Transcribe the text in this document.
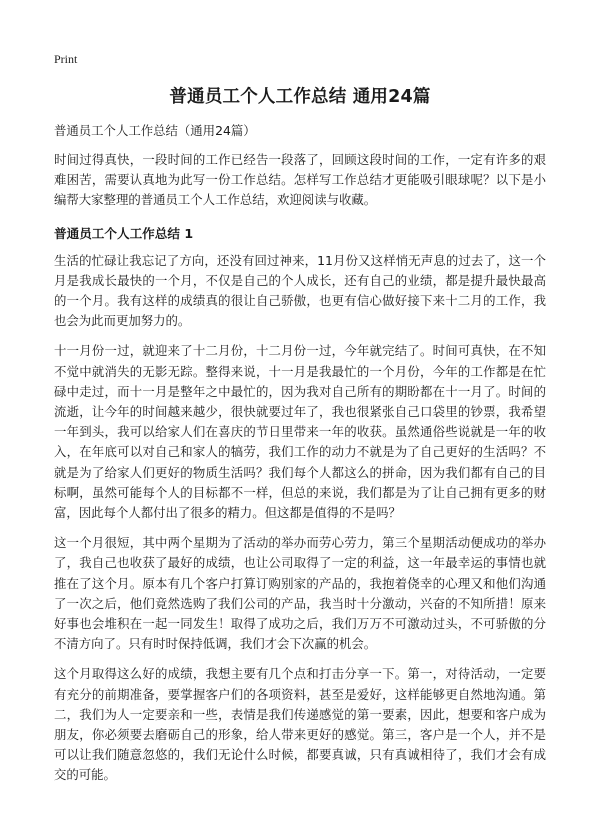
Print
普通员工个人工作总结 通用24篇

普通员工个人工作总结（通用24篇）

时间过得真快，一段时间的工作已经告一段落了，回顾这段时间的工作，一定有许多的艰难困苦，需要认真地为此写一份工作总结。怎样写工作总结才更能吸引眼球呢？以下是小编帮大家整理的普通员工个人工作总结，欢迎阅读与收藏。

普通员工个人工作总结 1

生活的忙碌让我忘记了方向，还没有回过神来，11月份又这样悄无声息的过去了，这一个月是我成长最快的一个月，不仅是自己的个人成长，还有自己的业绩，都是提升最快最高的一个月。我有这样的成绩真的很让自己骄傲，也更有信心做好接下来十二月的工作，我也会为此而更加努力的。

十一月份一过，就迎来了十二月份，十二月份一过，今年就完结了。时间可真快，在不知不觉中就消失的无影无踪。整得来说，十一月是我最忙的一个月份，今年的工作都是在忙碌中走过，而十一月是整年之中最忙的，因为我对自己所有的期盼都在十一月了。时间的流逝，让今年的时间越来越少，很快就要过年了，我也很紧张自己口袋里的钞票，我希望一年到头，我可以给家人们在喜庆的节日里带来一年的收获。虽然通俗些说就是一年的收入，在年底可以对自己和家人的犒劳，我们工作的动力不就是为了自己更好的生活吗？不就是为了给家人们更好的物质生活吗？我们每个人都这么的拼命，因为我们都有自己的目标啊，虽然可能每个人的目标都不一样，但总的来说，我们都是为了让自己拥有更多的财富，因此每个人都付出了很多的精力。但这都是值得的不是吗？

这一个月很短，其中两个星期为了活动的举办而劳心劳力，第三个星期活动便成功的举办了，我自己也收获了最好的成绩，也让公司取得了一定的利益，这一年最幸运的事情也就推在了这个月。原本有几个客户打算订购别家的产品的，我抱着侥幸的心理又和他们沟通了一次之后，他们竟然选购了我们公司的产品，我当时十分激动，兴奋的不知所措！原来好事也会堆积在一起一同发生！取得了成功之后，我们万万不可激动过头，不可骄傲的分不清方向了。只有时时保持低调，我们才会下次赢的机会。

这个月取得这么好的成绩，我想主要有几个点和打击分享一下。第一，对待活动，一定要有充分的前期准备，要掌握客户们的各项资料，甚至是爱好，这样能够更自然地沟通。第二，我们为人一定要亲和一些，表情是我们传递感觉的第一要素，因此，想要和客户成为朋友，你必须要去磨砺自己的形象，给人带来更好的感觉。第三，客户是一个人，并不是可以让我们随意忽悠的，我们无论什么时候，都要真诚，只有真诚相待了，我们才会有成交的可能。
